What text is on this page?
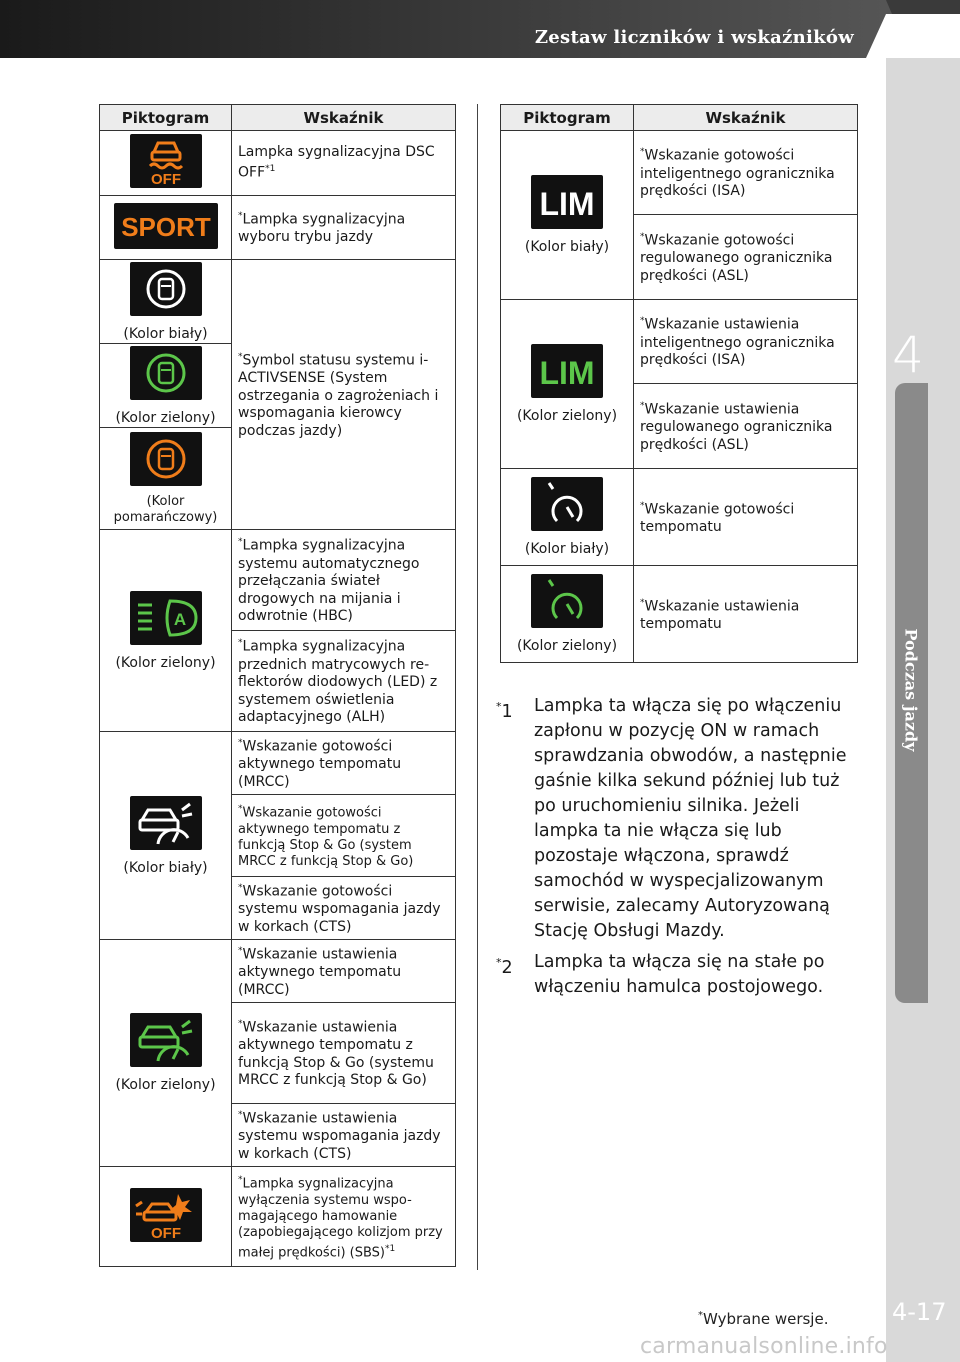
Zestaw liczników i wskaźników
4
Podczas jazdy
4-17
Piktogram	Wskaźnik

OFF	Lampka sygnalizacyjna DSC OFF$^{*1}$

SPORT	*Lampka sygnalizacyjna wyboru trybu jazdy

(Kolor biały)	*Symbol statusu systemu i-ACTIVSENSE (System ostrzegania o zagrożeniach i wspomagania kierowcy podczas jazdy)

(Kolor zielony)	

(Kolor pomarańczowy)	

A
(Kolor zielony)	*Lampka sygnalizacyjna systemu automatycznego przełączania świateł drogowych na mijania i odwrotnie (HBC)
	*Lampka sygnalizacyjna przednich matrycowych re-flektorów diodowych (LED) z systemem oświetlenia adaptacyjnego (ALH)

(Kolor biały)	*Wskazanie gotowości aktywnego tempomatu (MRCC)
	*Wskazanie gotowości aktywnego tempomatu z funkcją Stop & Go (system MRCC z funkcją Stop & Go)
	*Wskazanie gotowości systemu wspomagania jazdy w korkach (CTS)

(Kolor zielony)	*Wskazanie ustawienia aktywnego tempomatu (MRCC)
	*Wskazanie ustawienia aktywnego tempomatu z funkcją Stop & Go (systemu MRCC z funkcją Stop & Go)
	*Wskazanie ustawienia systemu wspomagania jazdy w korkach (CTS)

OFF	*Lampka sygnalizacyjna wyłączenia systemu wspo-magającego hamowanie (zapobiegającego kolizjom przy małej prędkości) (SBS)$^{*1}$
Piktogram	Wskaźnik

LIM
(Kolor biały)	*Wskazanie gotowości inteligentnego ogranicznika prędkości (ISA)
	*Wskazanie gotowości regulowanego ogranicznika prędkości (ASL)

LIM
(Kolor zielony)	*Wskazanie ustawienia inteligentnego ogranicznika prędkości (ISA)
	*Wskazanie ustawienia regulowanego ogranicznika prędkości (ASL)

(Kolor biały)	*Wskazanie gotowości tempomatu

(Kolor zielony)	*Wskazanie ustawienia tempomatu
*1	Lampka ta włącza się po włączeniu zapłonu w pozycję ON w ramach sprawdzania obwodów, a następnie gaśnie kilka sekund później lub tuż po uruchomieniu silnika. Jeżeli lampka ta nie włącza się lub pozostaje włączona, sprawdź samochód w wyspecjalizowanym serwisie, zalecamy Autoryzowaną Stację Obsługi Mazdy.
*2	Lampka ta włącza się na stałe po włączeniu hamulca postojowego.
*Wybrane wersje.
carmanualsonline.info
